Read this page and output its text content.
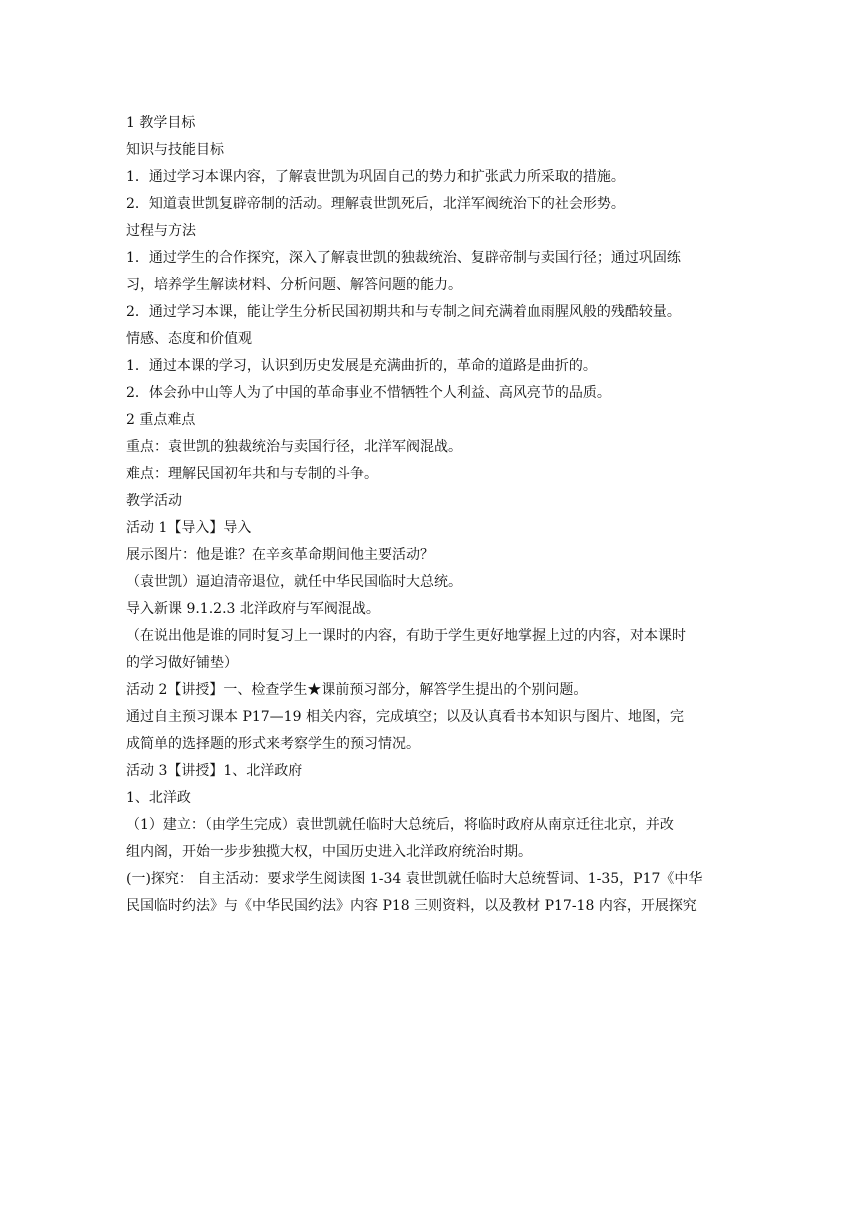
1 教学目标

知识与技能目标

1．通过学习本课内容，了解袁世凯为巩固自己的势力和扩张武力所采取的措施。

2．知道袁世凯复辟帝制的活动。理解袁世凯死后，北洋军阀统治下的社会形势。

过程与方法

1．通过学生的合作探究，深入了解袁世凯的独裁统治、复辟帝制与卖国行径；通过巩固练

习，培养学生解读材料、分析问题、解答问题的能力。

2．通过学习本课，能让学生分析民国初期共和与专制之间充满着血雨腥风般的残酷较量。

情感、态度和价值观

1．通过本课的学习，认识到历史发展是充满曲折的，革命的道路是曲折的。

2．体会孙中山等人为了中国的革命事业不惜牺牲个人利益、高风亮节的品质。

2 重点难点

重点：袁世凯的独裁统治与卖国行径，北洋军阀混战。

难点：理解民国初年共和与专制的斗争。

教学活动

活动 1【导入】导入

展示图片：他是谁？在辛亥革命期间他主要活动？

（袁世凯）逼迫清帝退位，就任中华民国临时大总统。

导入新课 9.1.2.3 北洋政府与军阀混战。

（在说出他是谁的同时复习上一课时的内容，有助于学生更好地掌握上过的内容，对本课时

的学习做好铺垫）

活动 2【讲授】一、检查学生★课前预习部分，解答学生提出的个别问题。

通过自主预习课本 P17—19 相关内容，完成填空；以及认真看书本知识与图片、地图，完

成简单的选择题的形式来考察学生的预习情况。

活动 3【讲授】1、北洋政府

1、北洋政

（1）建立：（由学生完成）袁世凯就任临时大总统后，将临时政府从南京迁往北京，并改

组内阁，开始一步步独揽大权，中国历史进入北洋政府统治时期。

(一)探究： 自主活动：要求学生阅读图 1-34 袁世凯就任临时大总统誓词、1-35，P17《中华

民国临时约法》与《中华民国约法》内容 P18 三则资料，以及教材 P17-18 内容，开展探究
